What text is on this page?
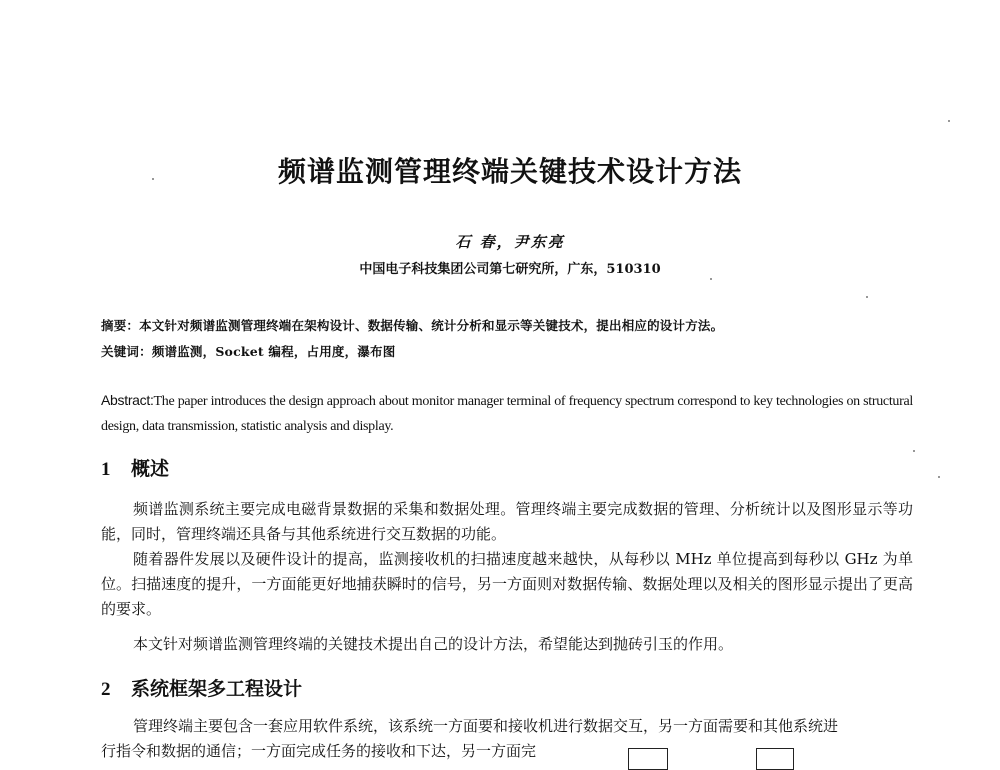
频谱监测管理终端关键技术设计方法
石 春，尹东亮
中国电子科技集团公司第七研究所，广东，510310
摘要：本文针对频谱监测管理终端在架构设计、数据传输、统计分析和显示等关键技术，提出相应的设计方法。
关键词：频谱监测，Socket 编程，占用度，瀑布图
Abstract:The paper introduces the design approach about monitor manager terminal of frequency spectrum correspond to key technologies on structural design, data transmission, statistic analysis and display.
1 概述
频谱监测系统主要完成电磁背景数据的采集和数据处理。管理终端主要完成数据的管理、分析统计以及图形显示等功能，同时，管理终端还具备与其他系统进行交互数据的功能。
随着器件发展以及硬件设计的提高，监测接收机的扫描速度越来越快，从每秒以 MHz 单位提高到每秒以 GHz 为单位。扫描速度的提升，一方面能更好地捕获瞬时的信号，另一方面则对数据传输、数据处理以及相关的图形显示提出了更高的要求。
本文针对频谱监测管理终端的关键技术提出自己的设计方法，希望能达到抛砖引玉的作用。
2 系统框架多工程设计
管理终端主要包含一套应用软件系统，该系统一方面要和接收机进行数据交互，另一方面需要和其他系统进
行指令和数据的通信；一方面完成任务的接收和下达，另一方面完
